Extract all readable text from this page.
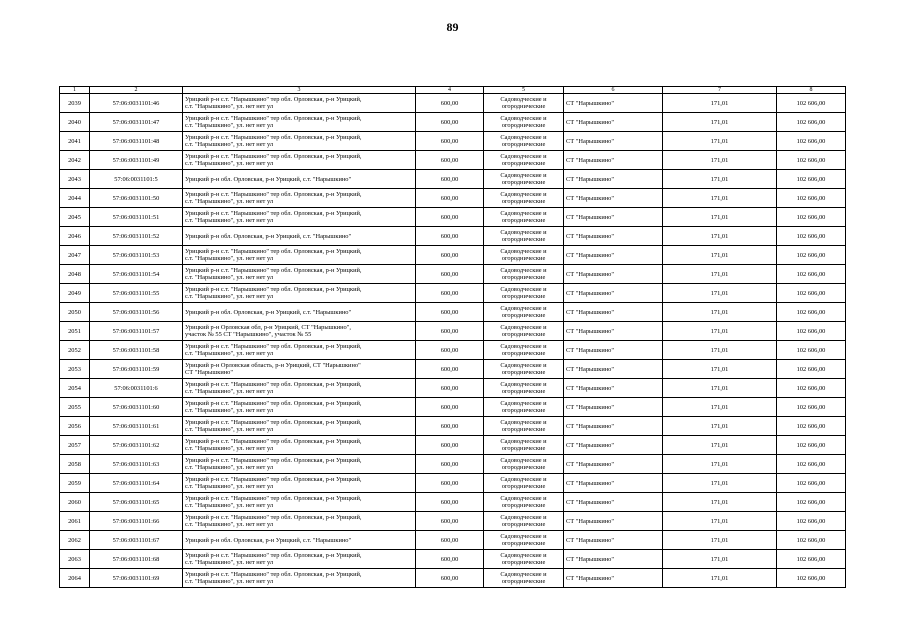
89
1	2	3	4	5	6	7	8
2039	57:06:0031101:46	Урицкий р-н с.т. "Нарышкино" тер обл. Орловская, р-н Урицкий,
с.т. "Нарышкино", ул. нет нет ул	600,00	Садоводческие и
огороднические	СТ "Нарышкино"	171,01	102 606,00
2040	57:06:0031101:47	Урицкий р-н с.т. "Нарышкино" тер обл. Орловская, р-н Урицкий,
с.т. "Нарышкино", ул. нет нет ул	600,00	Садоводческие и
огороднические	СТ "Нарышкино"	171,01	102 606,00
2041	57:06:0031101:48	Урицкий р-н с.т. "Нарышкино" тер обл. Орловская, р-н Урицкий,
с.т. "Нарышкино", ул. нет нет ул	600,00	Садоводческие и
огороднические	СТ "Нарышкино"	171,01	102 606,00
2042	57:06:0031101:49	Урицкий р-н с.т. "Нарышкино" тер обл. Орловская, р-н Урицкий,
с.т. "Нарышкино", ул. нет нет ул	600,00	Садоводческие и
огороднические	СТ "Нарышкино"	171,01	102 606,00
2043	57:06:0031101:5	Урицкий р-н обл. Орловская, р-н Урицкий, с.т. "Нарышкино"	600,00	Садоводческие и
огороднические	СТ "Нарышкино"	171,01	102 606,00
2044	57:06:0031101:50	Урицкий р-н с.т. "Нарышкино" тер обл. Орловская, р-н Урицкий,
с.т. "Нарышкино", ул. нет нет ул	600,00	Садоводческие и
огороднические	СТ "Нарышкино"	171,01	102 606,00
2045	57:06:0031101:51	Урицкий р-н с.т. "Нарышкино" тер обл. Орловская, р-н Урицкий,
с.т. "Нарышкино", ул. нет нет ул	600,00	Садоводческие и
огороднические	СТ "Нарышкино"	171,01	102 606,00
2046	57:06:0031101:52	Урицкий р-н обл. Орловская, р-н Урицкий, с.т. "Нарышкино"	600,00	Садоводческие и
огороднические	СТ "Нарышкино"	171,01	102 606,00
2047	57:06:0031101:53	Урицкий р-н с.т. "Нарышкино" тер обл. Орловская, р-н Урицкий,
с.т. "Нарышкино", ул. нет нет ул	600,00	Садоводческие и
огороднические	СТ "Нарышкино"	171,01	102 606,00
2048	57:06:0031101:54	Урицкий р-н с.т. "Нарышкино" тер обл. Орловская, р-н Урицкий,
с.т. "Нарышкино", ул. нет нет ул	600,00	Садоводческие и
огороднические	СТ "Нарышкино"	171,01	102 606,00
2049	57:06:0031101:55	Урицкий р-н с.т. "Нарышкино" тер обл. Орловская, р-н Урицкий,
с.т. "Нарышкино", ул. нет нет ул	600,00	Садоводческие и
огороднические	СТ "Нарышкино"	171,01	102 606,00
2050	57:06:0031101:56	Урицкий р-н обл. Орловская, р-н Урицкий, с.т. "Нарышкино"	600,00	Садоводческие и
огороднические	СТ "Нарышкино"	171,01	102 606,00
2051	57:06:0031101:57	Урицкий р-н Орловская обл, р-н Урицкий, СТ "Нарышкино",
участок № 55 СТ "Нарышкино", участок № 55	600,00	Садоводческие и
огороднические	СТ "Нарышкино"	171,01	102 606,00
2052	57:06:0031101:58	Урицкий р-н с.т. "Нарышкино" тер обл. Орловская, р-н Урицкий,
с.т. "Нарышкино", ул. нет нет ул	600,00	Садоводческие и
огороднические	СТ "Нарышкино"	171,01	102 606,00
2053	57:06:0031101:59	Урицкий р-н Орловская область, р-н Урицкий, СТ "Нарышкино"
СТ "Нарышкино"	600,00	Садоводческие и
огороднические	СТ "Нарышкино"	171,01	102 606,00
2054	57:06:0031101:6	Урицкий р-н с.т. "Нарышкино" тер обл. Орловская, р-н Урицкий,
с.т. "Нарышкино", ул. нет нет ул	600,00	Садоводческие и
огороднические	СТ "Нарышкино"	171,01	102 606,00
2055	57:06:0031101:60	Урицкий р-н с.т. "Нарышкино" тер обл. Орловская, р-н Урицкий,
с.т. "Нарышкино", ул. нет нет ул	600,00	Садоводческие и
огороднические	СТ "Нарышкино"	171,01	102 606,00
2056	57:06:0031101:61	Урицкий р-н с.т. "Нарышкино" тер обл. Орловская, р-н Урицкий,
с.т. "Нарышкино", ул. нет нет ул	600,00	Садоводческие и
огороднические	СТ "Нарышкино"	171,01	102 606,00
2057	57:06:0031101:62	Урицкий р-н с.т. "Нарышкино" тер обл. Орловская, р-н Урицкий,
с.т. "Нарышкино", ул. нет нет ул	600,00	Садоводческие и
огороднические	СТ "Нарышкино"	171,01	102 606,00
2058	57:06:0031101:63	Урицкий р-н с.т. "Нарышкино" тер обл. Орловская, р-н Урицкий,
с.т. "Нарышкино", ул. нет нет ул	600,00	Садоводческие и
огороднические	СТ "Нарышкино"	171,01	102 606,00
2059	57:06:0031101:64	Урицкий р-н с.т. "Нарышкино" тер обл. Орловская, р-н Урицкий,
с.т. "Нарышкино", ул. нет нет ул	600,00	Садоводческие и
огороднические	СТ "Нарышкино"	171,01	102 606,00
2060	57:06:0031101:65	Урицкий р-н с.т. "Нарышкино" тер обл. Орловская, р-н Урицкий,
с.т. "Нарышкино", ул. нет нет ул	600,00	Садоводческие и
огороднические	СТ "Нарышкино"	171,01	102 606,00
2061	57:06:0031101:66	Урицкий р-н с.т. "Нарышкино" тер обл. Орловская, р-н Урицкий,
с.т. "Нарышкино", ул. нет нет ул	600,00	Садоводческие и
огороднические	СТ "Нарышкино"	171,01	102 606,00
2062	57:06:0031101:67	Урицкий р-н обл. Орловская, р-н Урицкий, с.т. "Нарышкино"	600,00	Садоводческие и
огороднические	СТ "Нарышкино"	171,01	102 606,00
2063	57:06:0031101:68	Урицкий р-н с.т. "Нарышкино" тер обл. Орловская, р-н Урицкий,
с.т. "Нарышкино", ул. нет нет ул	600,00	Садоводческие и
огороднические	СТ "Нарышкино"	171,01	102 606,00
2064	57:06:0031101:69	Урицкий р-н с.т. "Нарышкино" тер обл. Орловская, р-н Урицкий,
с.т. "Нарышкино", ул. нет нет ул	600,00	Садоводческие и
огороднические	СТ "Нарышкино"	171,01	102 606,00
